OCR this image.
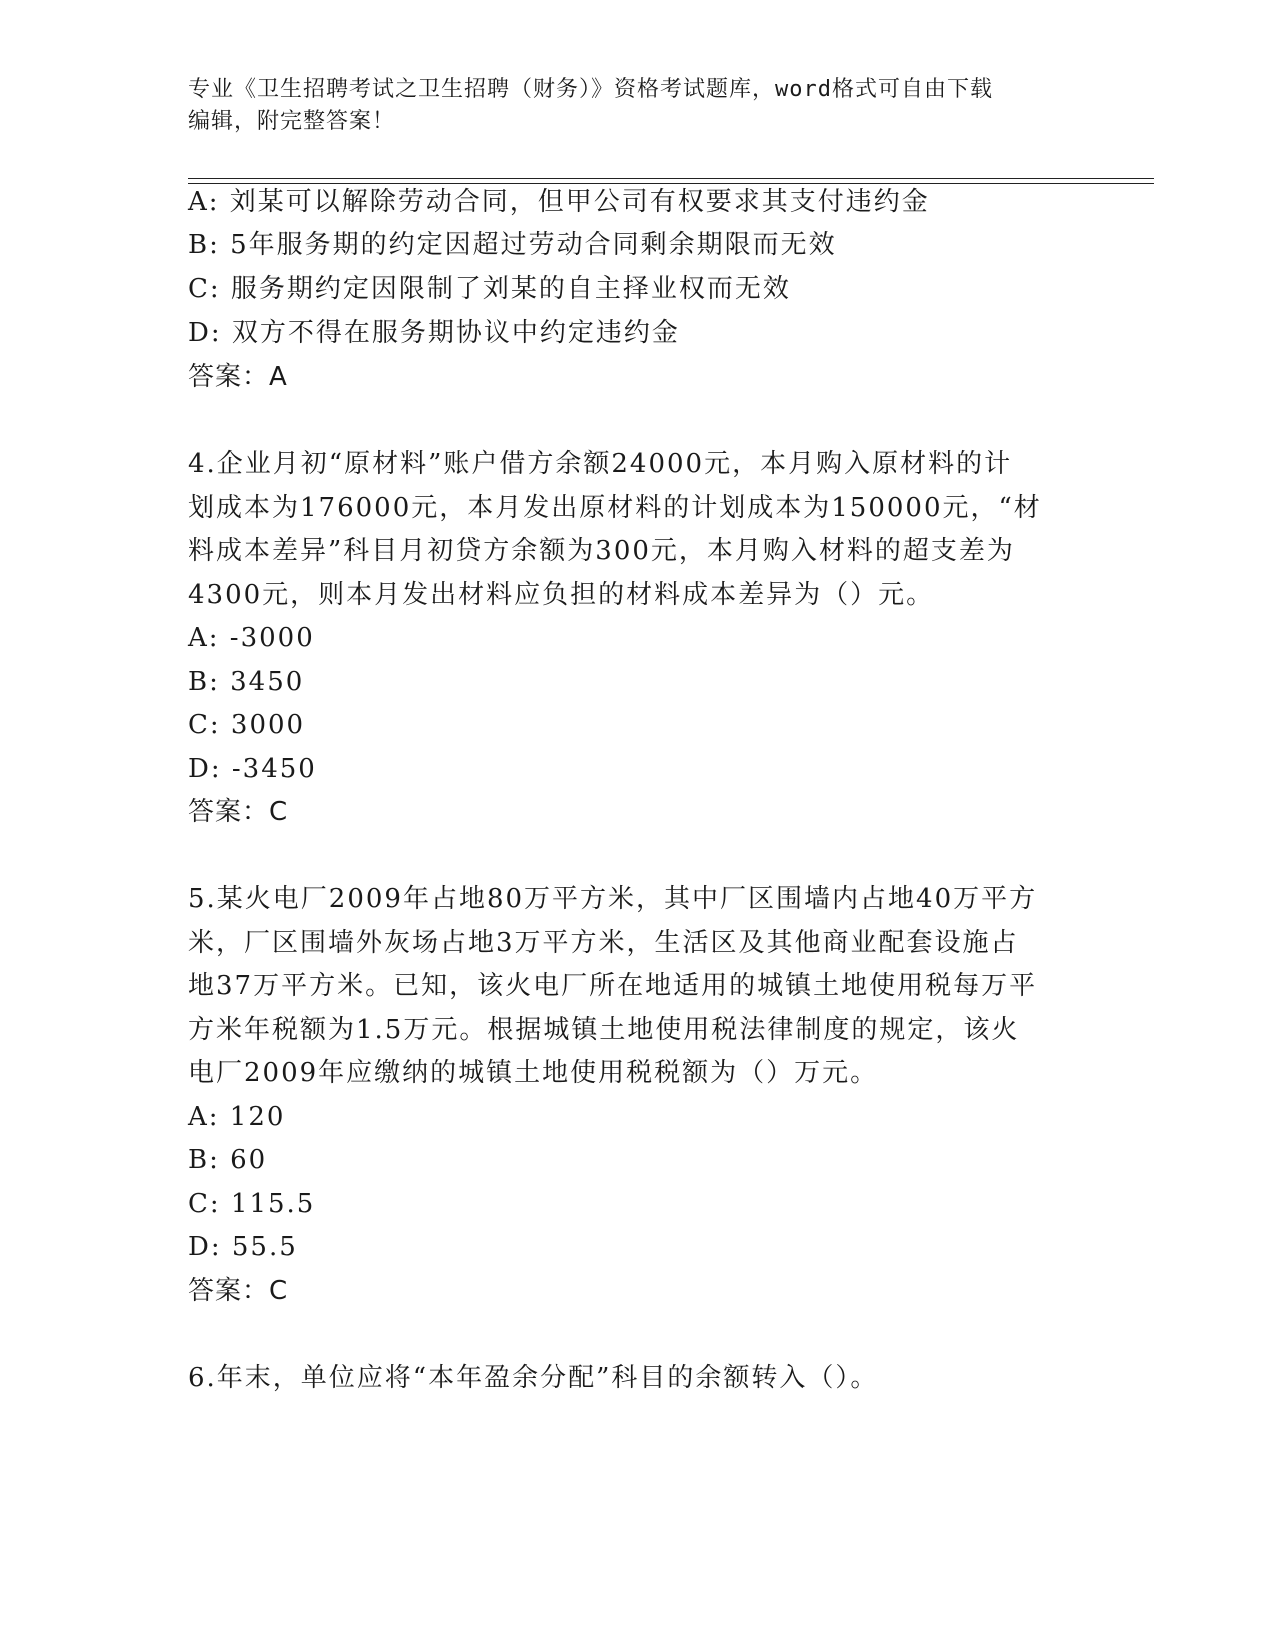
专业《卫生招聘考试之卫生招聘（财务）》资格考试题库，word格式可自由下载
编辑，附完整答案！
A: 刘某可以解除劳动合同，但甲公司有权要求其支付违约金
B: 5年服务期的约定因超过劳动合同剩余期限而无效
C: 服务期约定因限制了刘某的自主择业权而无效
D: 双方不得在服务期协议中约定违约金
答案：A
4.企业月初“原材料”账户借方余额24000元，本月购入原材料的计
划成本为176000元，本月发出原材料的计划成本为150000元，“材
料成本差异”科目月初贷方余额为300元，本月购入材料的超支差为
4300元，则本月发出材料应负担的材料成本差异为（）元。
A: -3000
B: 3450
C: 3000
D: -3450
答案：C
5.某火电厂2009年占地80万平方米，其中厂区围墙内占地40万平方
米，厂区围墙外灰场占地3万平方米，生活区及其他商业配套设施占
地37万平方米。已知，该火电厂所在地适用的城镇土地使用税每万平
方米年税额为1.5万元。根据城镇土地使用税法律制度的规定，该火
电厂2009年应缴纳的城镇土地使用税税额为（）万元。
A: 120
B: 60
C: 115.5
D: 55.5
答案：C
6.年末，单位应将“本年盈余分配”科目的余额转入（）。
